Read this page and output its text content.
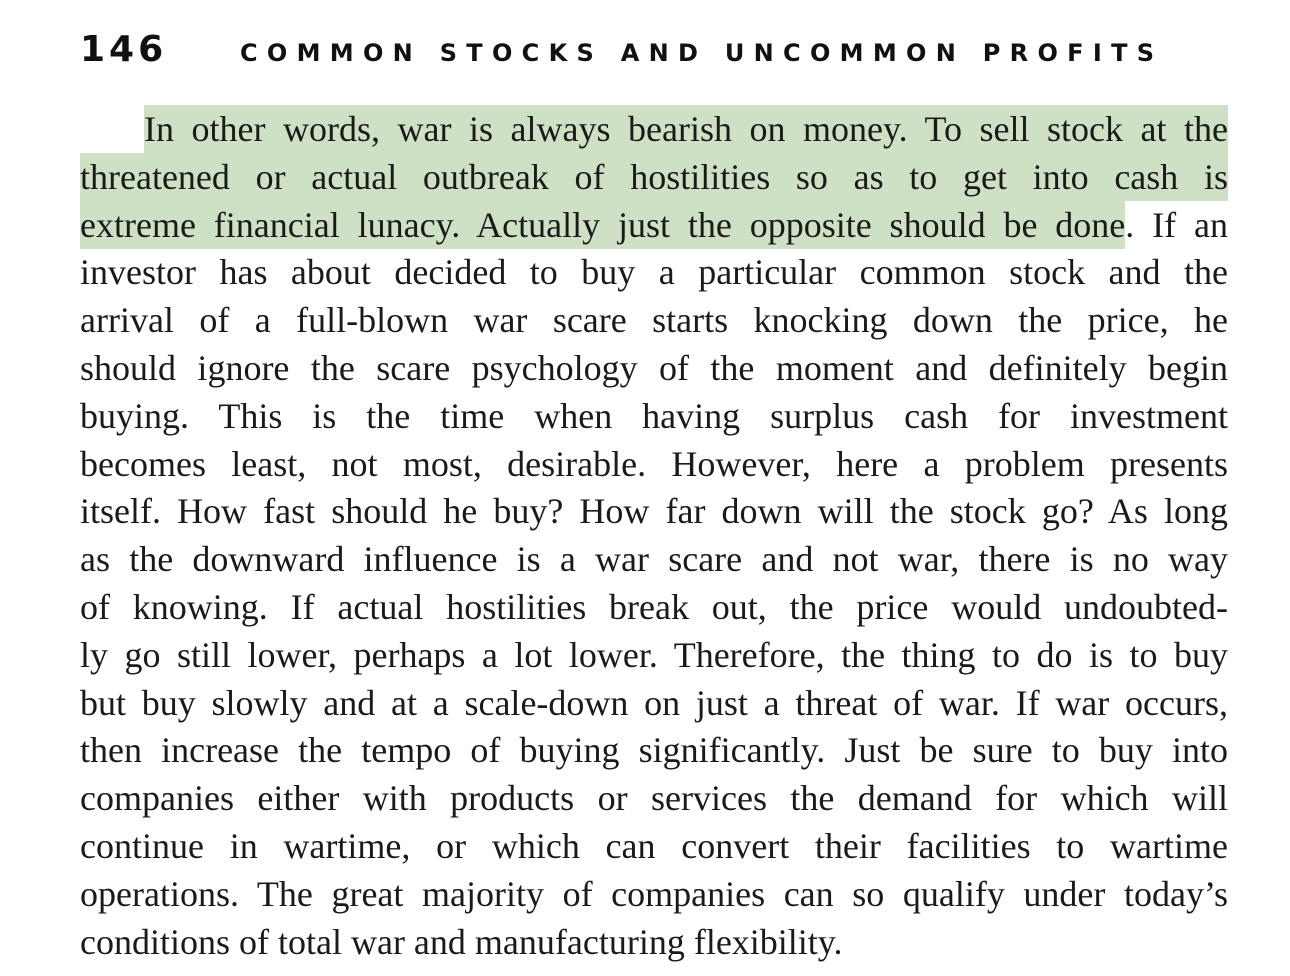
146	COMMON STOCKS AND UNCOMMON PROFITS
In other words, war is always bearish on money. To sell stock at the
threatened or actual outbreak of hostilities so as to get into cash is
extreme financial lunacy. Actually just the opposite should be done. If an
investor has about decided to buy a particular common stock and the
arrival of a full-blown war scare starts knocking down the price, he
should ignore the scare psychology of the moment and definitely begin
buying. This is the time when having surplus cash for investment
becomes least, not most, desirable. However, here a problem presents
itself. How fast should he buy? How far down will the stock go? As long
as the downward influence is a war scare and not war, there is no way
of knowing. If actual hostilities break out, the price would undoubted-
ly go still lower, perhaps a lot lower. Therefore, the thing to do is to buy
but buy slowly and at a scale-down on just a threat of war. If war occurs,
then increase the tempo of buying significantly. Just be sure to buy into
companies either with products or services the demand for which will
continue in wartime, or which can convert their facilities to wartime
operations. The great majority of companies can so qualify under today’s
conditions of total war and manufacturing flexibility.
